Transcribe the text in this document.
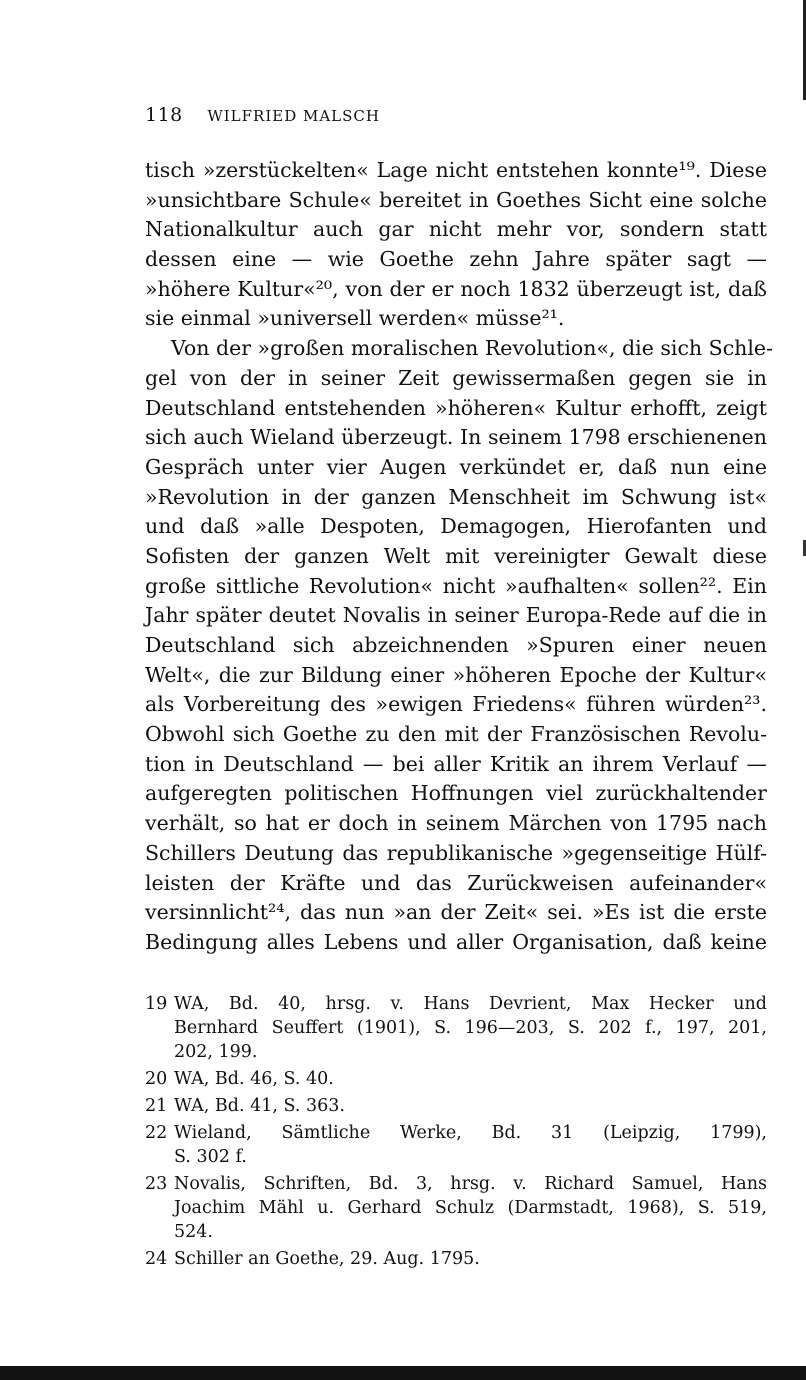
118 WILFRIED MALSCH
tisch »zerstückelten« Lage nicht entstehen konnte¹⁹. Diese
»unsichtbare Schule« bereitet in Goethes Sicht eine solche
Nationalkultur auch gar nicht mehr vor, sondern statt
dessen eine — wie Goethe zehn Jahre später sagt —
»höhere Kultur«²⁰, von der er noch 1832 überzeugt ist, daß
sie einmal »universell werden« müsse²¹.
Von der »großen moralischen Revolution«, die sich Schle-
gel von der in seiner Zeit gewissermaßen gegen sie in
Deutschland entstehenden »höheren« Kultur erhofft, zeigt
sich auch Wieland überzeugt. In seinem 1798 erschienenen
Gespräch unter vier Augen verkündet er, daß nun eine
»Revolution in der ganzen Menschheit im Schwung ist«
und daß »alle Despoten, Demagogen, Hierofanten und
Sofisten der ganzen Welt mit vereinigter Gewalt diese
große sittliche Revolution« nicht »aufhalten« sollen²². Ein
Jahr später deutet Novalis in seiner Europa-Rede auf die in
Deutschland sich abzeichnenden »Spuren einer neuen
Welt«, die zur Bildung einer »höheren Epoche der Kultur«
als Vorbereitung des »ewigen Friedens« führen würden²³.
Obwohl sich Goethe zu den mit der Französischen Revolu-
tion in Deutschland — bei aller Kritik an ihrem Verlauf —
aufgeregten politischen Hoffnungen viel zurückhaltender
verhält, so hat er doch in seinem Märchen von 1795 nach
Schillers Deutung das republikanische »gegenseitige Hülf-
leisten der Kräfte und das Zurückweisen aufeinander«
versinnlicht²⁴, das nun »an der Zeit« sei. »Es ist die erste
Bedingung alles Lebens und aller Organisation, daß keine
19 WA, Bd. 40, hrsg. v. Hans Devrient, Max Hecker und
Bernhard Seuffert (1901), S. 196—203, S. 202 f., 197, 201,
202, 199.
20 WA, Bd. 46, S. 40.
21 WA, Bd. 41, S. 363.
22 Wieland, Sämtliche Werke, Bd. 31 (Leipzig, 1799),
S. 302 f.
23 Novalis, Schriften, Bd. 3, hrsg. v. Richard Samuel, Hans
Joachim Mähl u. Gerhard Schulz (Darmstadt, 1968), S. 519,
524.
24 Schiller an Goethe, 29. Aug. 1795.
